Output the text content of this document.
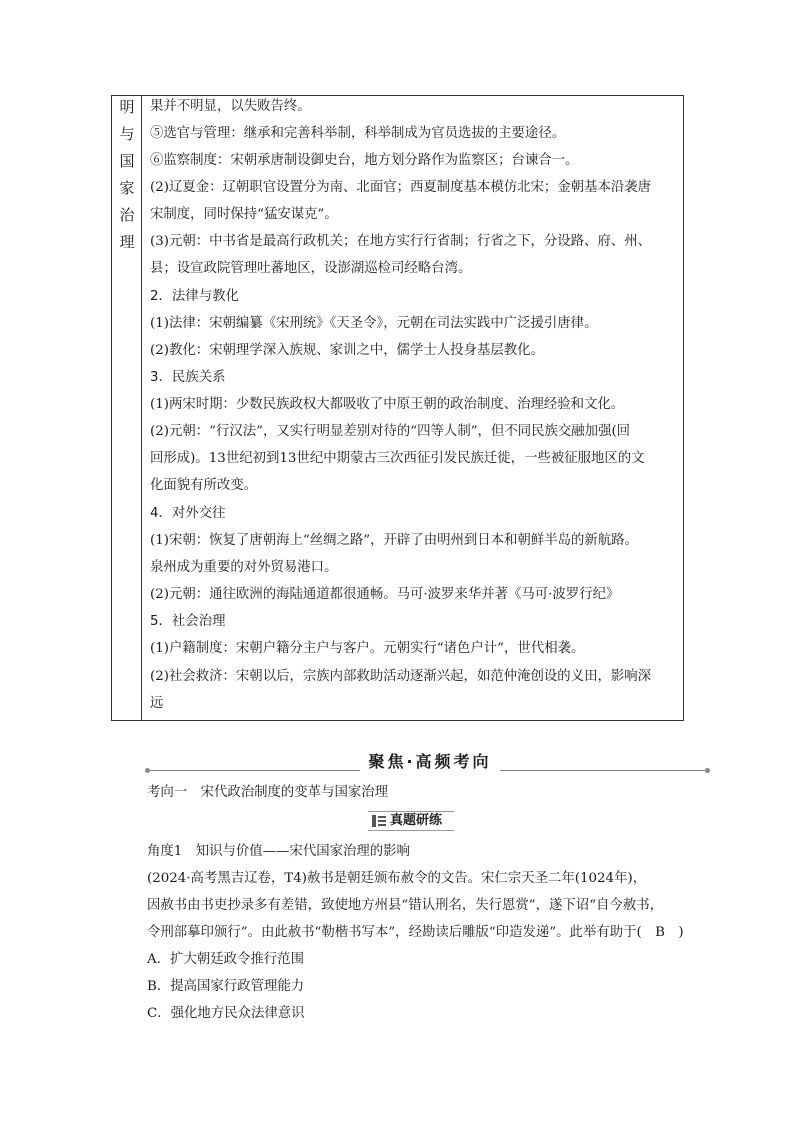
明
与
国
家
治
理
果并不明显，以失败告终。
⑤选官与管理：继承和完善科举制，科举制成为官员选拔的主要途径。
⑥监察制度：宋朝承唐制设御史台，地方划分路作为监察区；台谏合一。
(2)辽夏金：辽朝职官设置分为南、北面官；西夏制度基本模仿北宋；金朝基本沿袭唐
宋制度，同时保持“猛安谋克”。
(3)元朝：中书省是最高行政机关；在地方实行行省制；行省之下，分设路、府、州、
县；设宣政院管理吐蕃地区，设澎湖巡检司经略台湾。
2．法律与教化
(1)法律：宋朝编纂《宋刑统》《天圣令》，元朝在司法实践中广泛援引唐律。
(2)教化：宋朝理学深入族规、家训之中，儒学士人投身基层教化。
3．民族关系
(1)两宋时期：少数民族政权大都吸收了中原王朝的政治制度、治理经验和文化。
(2)元朝：“行汉法”，又实行明显差别对待的“四等人制”，但不同民族交融加强(回
回形成)。13世纪初到13世纪中期蒙古三次西征引发民族迁徙，一些被征服地区的文
化面貌有所改变。
4．对外交往
(1)宋朝：恢复了唐朝海上“丝绸之路”，开辟了由明州到日本和朝鲜半岛的新航路。
泉州成为重要的对外贸易港口。
(2)元朝：通往欧洲的海陆通道都很通畅。马可·波罗来华并著《马可·波罗行纪》
5．社会治理
(1)户籍制度：宋朝户籍分主户与客户。元朝实行“诸色户计”，世代相袭。
(2)社会救济：宋朝以后，宗族内部救助活动逐渐兴起，如范仲淹创设的义田，影响深
远
聚焦·高频考向
考向一　宋代政治制度的变革与国家治理
真题研练
角度1　知识与价值——宋代国家治理的影响
(2024·高考黑吉辽卷，T4)赦书是朝廷颁布赦令的文告。宋仁宗天圣二年(1024年)，
因赦书由书吏抄录多有差错，致使地方州县“错认刑名，失行恩赏”，遂下诏“自今赦书，
令刑部摹印颁行”。由此赦书“勒楷书写本”，经勘读后雕版“印造发递”。此举有助于(　B　)
A．扩大朝廷政令推行范围
B．提高国家行政管理能力
C．强化地方民众法律意识
